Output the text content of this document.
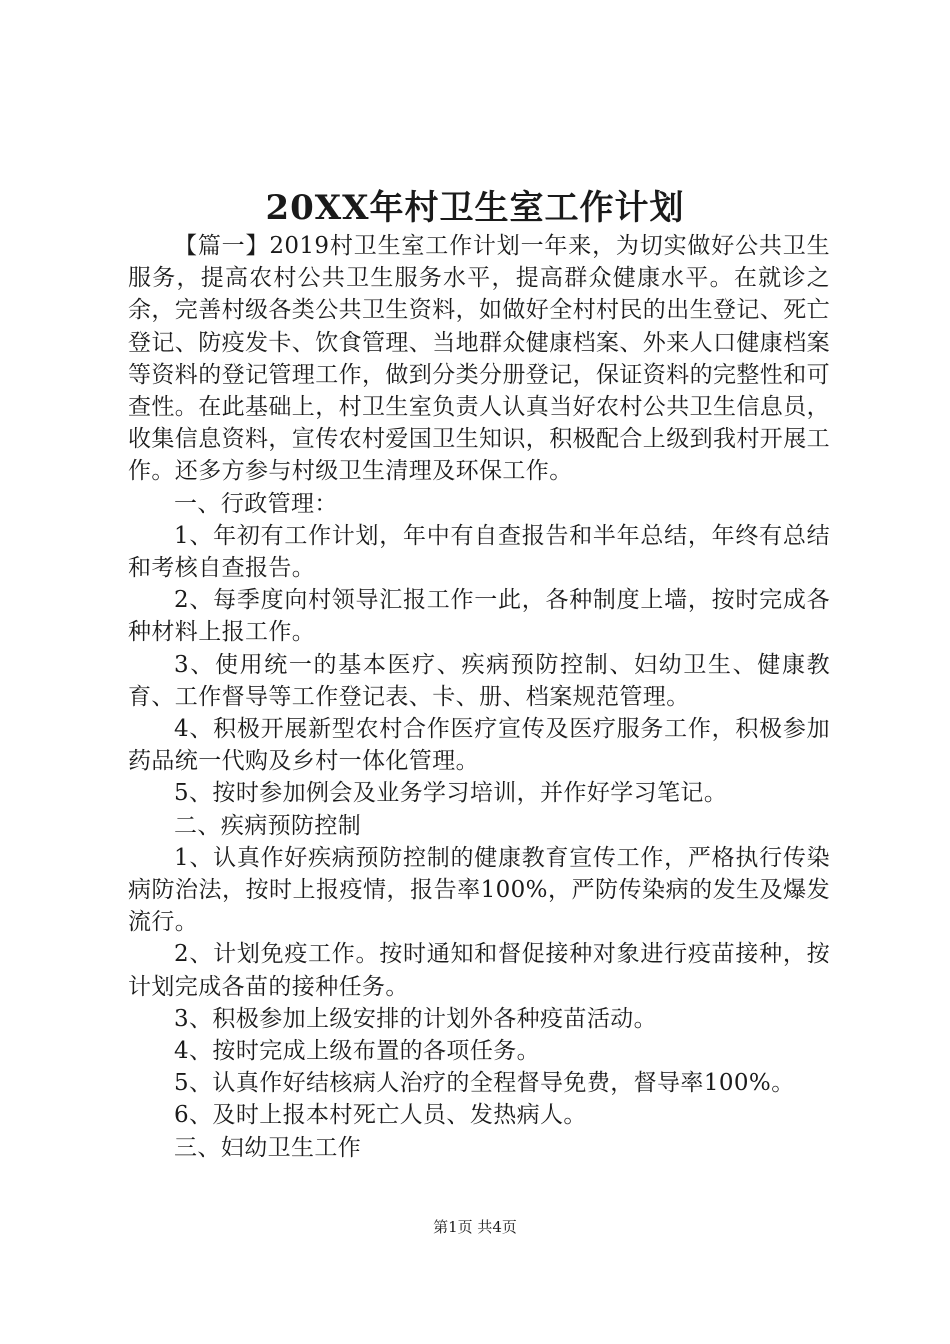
20XX年村卫生室工作计划

【篇一】2019村卫生室工作计划一年来，为切实做好公共卫生服务，提高农村公共卫生服务水平，提高群众健康水平。在就诊之余，完善村级各类公共卫生资料，如做好全村村民的出生登记、死亡登记、防疫发卡、饮食管理、当地群众健康档案、外来人口健康档案等资料的登记管理工作，做到分类分册登记，保证资料的完整性和可查性。在此基础上，村卫生室负责人认真当好农村公共卫生信息员，收集信息资料，宣传农村爱国卫生知识，积极配合上级到我村开展工作。还多方参与村级卫生清理及环保工作。

一、行政管理：

1、年初有工作计划，年中有自查报告和半年总结，年终有总结和考核自查报告。

2、每季度向村领导汇报工作一此，各种制度上墙，按时完成各种材料上报工作。

3、使用统一的基本医疗、疾病预防控制、妇幼卫生、健康教育、工作督导等工作登记表、卡、册、档案规范管理。

4、积极开展新型农村合作医疗宣传及医疗服务工作，积极参加药品统一代购及乡村一体化管理。

5、按时参加例会及业务学习培训，并作好学习笔记。

二、疾病预防控制

1、认真作好疾病预防控制的健康教育宣传工作，严格执行传染病防治法，按时上报疫情，报告率100%，严防传染病的发生及爆发流行。

2、计划免疫工作。按时通知和督促接种对象进行疫苗接种，按计划完成各苗的接种任务。

3、积极参加上级安排的计划外各种疫苗活动。

4、按时完成上级布置的各项任务。

5、认真作好结核病人治疗的全程督导免费，督导率100%。

6、及时上报本村死亡人员、发热病人。

三、妇幼卫生工作

第1页 共4页
